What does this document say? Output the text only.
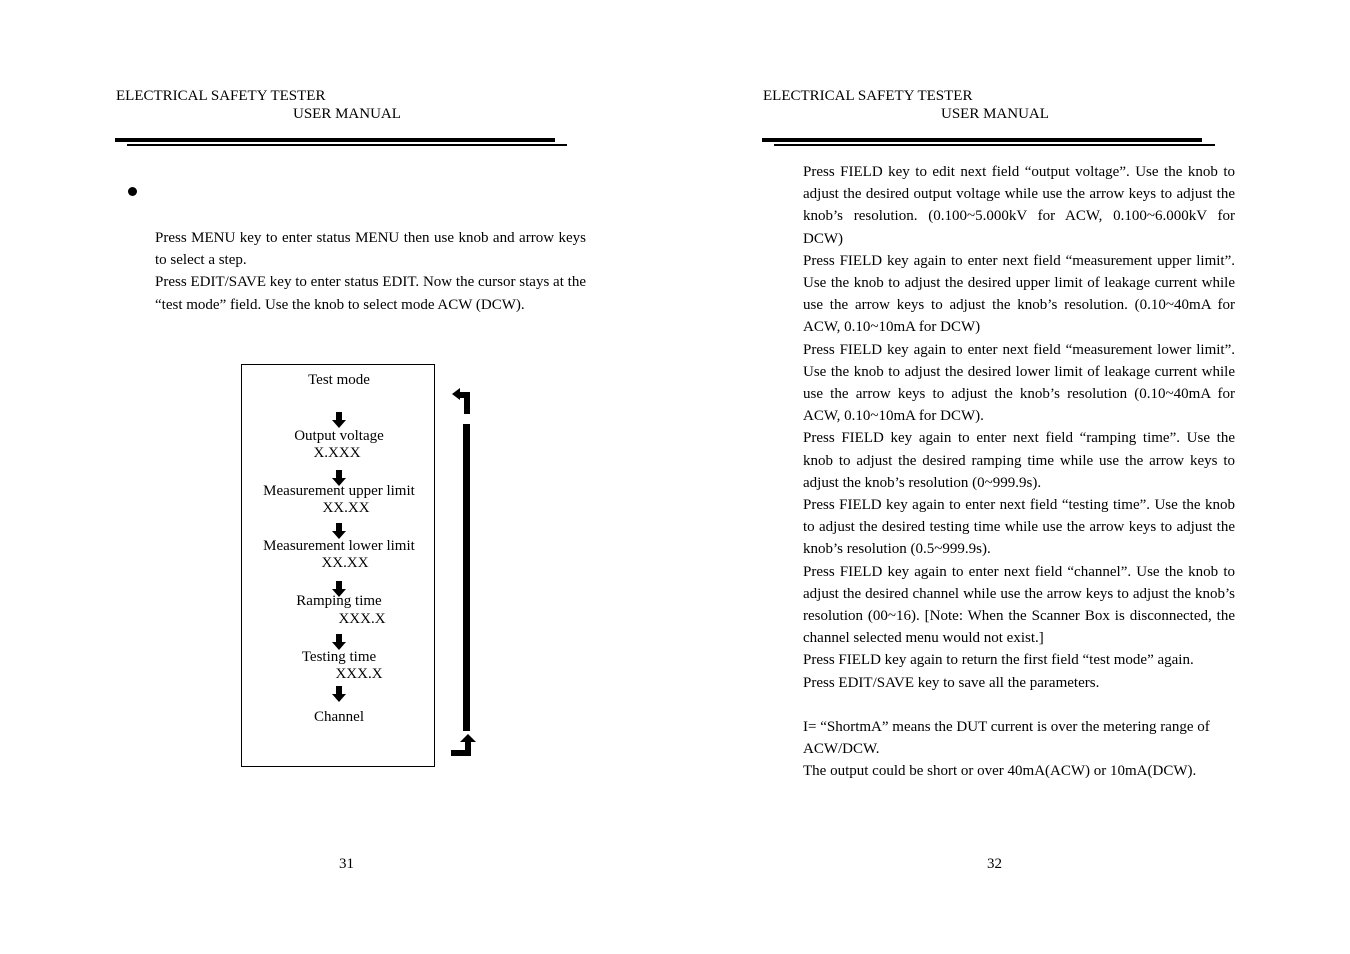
ELECTRICAL SAFETY TESTER
USER MANUAL

Press MENU key to enter status MENU then use knob and arrow keys to select a step.

Press EDIT/SAVE key to enter status EDIT. Now the cursor stays at the “test mode” field. Use the knob to select mode ACW (DCW).

Test mode
Output voltage
X.XXX
Measurement upper limit
XX.XX
Measurement lower limit
XX.XX
Ramping time
XXX.X
Testing time
XXX.X
Channel
31
ELECTRICAL SAFETY TESTER
USER MANUAL

Press FIELD key to edit next field “output voltage”. Use the knob to adjust the desired output voltage while use the arrow keys to adjust the knob’s resolution. (0.100~5.000kV for ACW, 0.100~6.000kV for DCW)

Press FIELD key again to enter next field “measurement upper limit”. Use the knob to adjust the desired upper limit of leakage current while use the arrow keys to adjust the knob’s resolution. (0.10~40mA for ACW, 0.10~10mA for DCW)

Press FIELD key again to enter next field “measurement lower limit”. Use the knob to adjust the desired lower limit of leakage current while use the arrow keys to adjust the knob’s resolution (0.10~40mA for ACW, 0.10~10mA for DCW).

Press FIELD key again to enter next field “ramping time”. Use the knob to adjust the desired ramping time while use the arrow keys to adjust the knob’s resolution (0~999.9s).

Press FIELD key again to enter next field “testing time”. Use the knob to adjust the desired testing time while use the arrow keys to adjust the knob’s resolution (0.5~999.9s).

Press FIELD key again to enter next field “channel”. Use the knob to adjust the desired channel while use the arrow keys to adjust the knob’s resolution (00~16). [Note: When the Scanner Box is disconnected, the channel selected menu would not exist.]

Press FIELD key again to return the first field “test mode” again.

Press EDIT/SAVE key to save all the parameters.

I= “ShortmA” means the DUT current is over the metering range of ACW/DCW.

The output could be short or over 40mA(ACW) or 10mA(DCW).

32
